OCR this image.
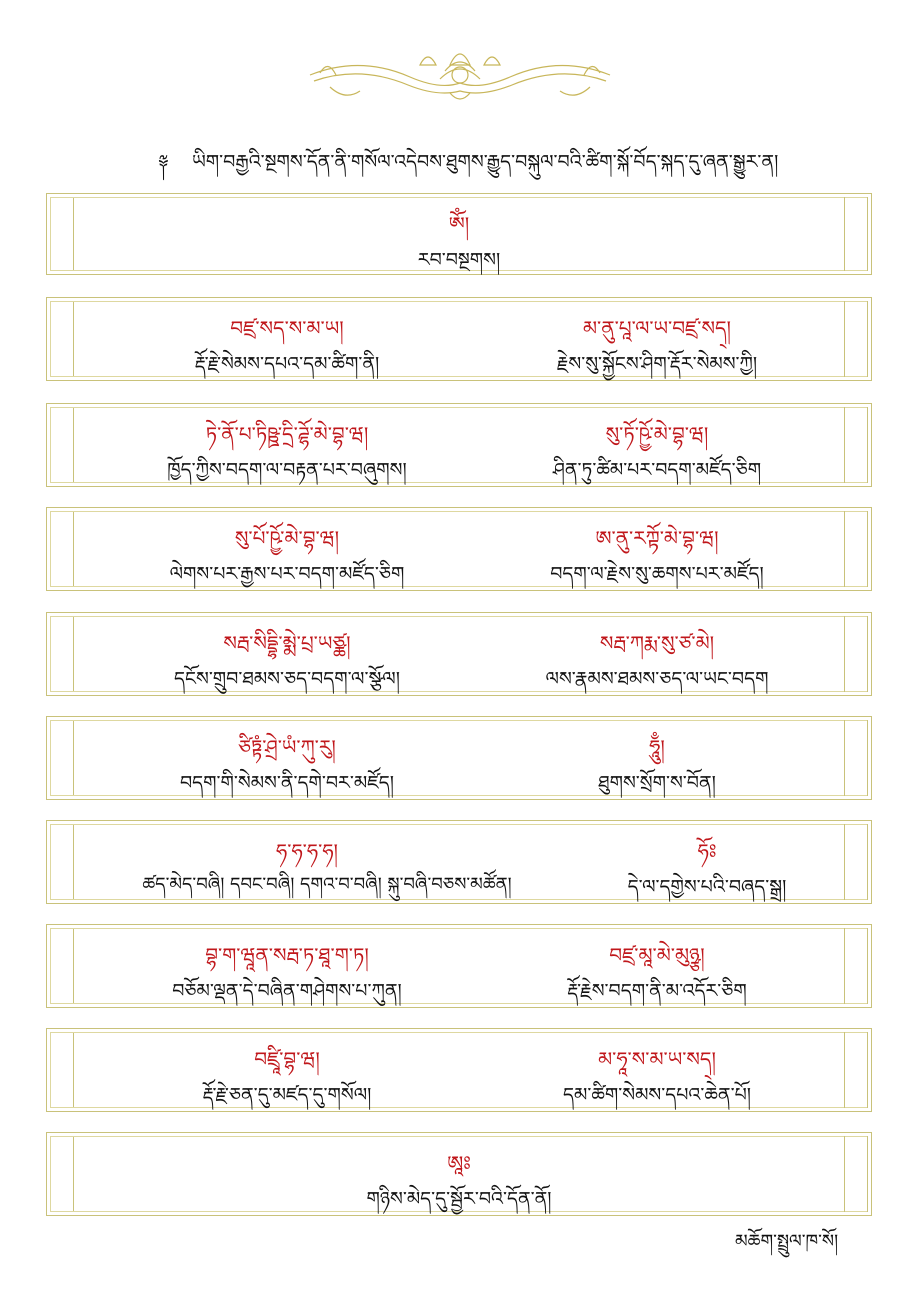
༈ ཡིག་བརྒྱའི་སྔགས་དོན་ནི་གསོལ་འདེབས་ཐུགས་རྒྱུད་བསྐུལ་བའི་ཚིག་སྐོ་བོད་སྐད་དུ་ཞན་སྒྱུར་ན།
ཨོཾ།
རབ་བསྔགས།
བཛྲ་སད་ས་མ་ཡ།
རྡོ་རྗེ་སེམས་དཔའ་དམ་ཚིག་ནི།
མ་ནུ་པཱ་ལ་ཡ་བཛྲ་སད྄།
རྗེས་སུ་སྐྱོངས་ཤིག་རྡོར་སེམས་ཀྱི།
ཏེ་ནོ་པ་ཏིཥྛ་དྲི་ཌྷོ་མེ་བྷ་ཝ།
ཁྱོད་ཀྱིས་བདག་ལ་བརྟན་པར་བཞུགས།
སུ་ཏོ་ཥྱོ་མེ་བྷ་ཝ།
ཤིན་ཏུ་ཚིམ་པར་བདག་མཛོད་ཅིག
སུ་པོ་ཥྱོ་མེ་བྷ་ཝ།
ལེགས་པར་རྒྱས་པར་བདག་མཛོད་ཅིག
ཨ་ནུ་རཀྟོ་མེ་བྷ་ཝ།
བདག་ལ་རྗེས་སུ་ཆགས་པར་མཛོད།
སརྦ་སིདྡྷི་མྨེ་པྲ་ཡཙྪ།
དངོས་གྲུབ་ཐམས་ཅད་བདག་ལ་སྩོལ།
སརྦ་ཀརྨ་སུ་ཙ་མེ།
ལས་རྣམས་ཐམས་ཅད་ལ་ཡང་བདག
ཙིཏྟཾ་ཤྲེ་ཡཾ་ཀུ་རུ།
བདག་གི་སེམས་ནི་དགེ་བར་མཛོད།
ཧཱུྃ།
ཐུགས་སྲོག་ས་བོན།
ཧ་ཧ་ཧ་ཧ།
ཚད་མེད་བཞི། དབང་བཞི། དགའ་བ་བཞི། སྐུ་བཞི་བཅས་མཚོན།
ཧོཿ
དེ་ལ་དགྱེས་པའི་བཞད་སྒྲ།
བྷ་ག་ཝཱན་སརྦ་ཏ་ཐཱ་ག་ཏ།
བཅོམ་ལྡན་དེ་བཞིན་གཤེགས་པ་ཀུན།
བཛྲ་མཱ་མེ་མུཉྩ།
རྡོ་རྗེས་བདག་ནི་མ་འདོར་ཅིག
བཛྲཱི་བྷ་ཝ།
རྡོ་རྗེ་ཅན་དུ་མཛད་དུ་གསོལ།
མ་ཧཱ་ས་མ་ཡ་སད྄།
དམ་ཚིག་སེམས་དཔའ་ཆེན་པོ།
ཨཱཿ
གཉིས་མེད་དུ་སྦྱོར་བའི་དོན་ནོ།
མཆོག་སྤྲུལ་ཁ་སོ།
